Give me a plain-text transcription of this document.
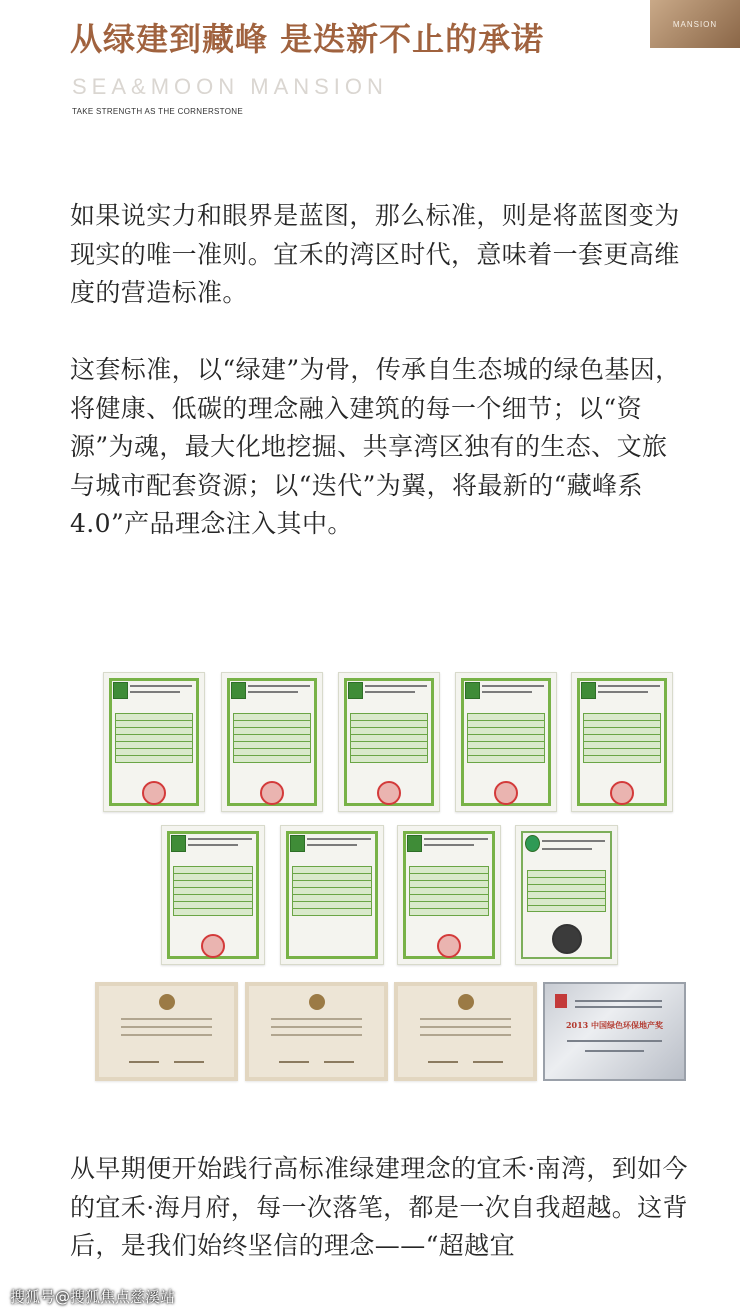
从绿建到藏峰 是迭新不止的承诺	MANSION
SEA&MOON MANSION
TAKE STRENGTH AS THE CORNERSTONE

如果说实力和眼界是蓝图，那么标准，则是将蓝图变为现实的唯一准则。宜禾的湾区时代，意味着一套更高维度的营造标准。

这套标准，以“绿建”为骨，传承自生态城的绿色基因，将健康、低碳的理念融入建筑的每一个细节；以“资源”为魂，最大化地挖掘、共享湾区独有的生态、文旅与城市配套资源；以“迭代”为翼，将最新的“藏峰系4.0”产品理念注入其中。

2013 中国绿色环保地产奖

从早期便开始践行高标准绿建理念的宜禾·南湾，到如今的宜禾·海月府，每一次落笔，都是一次自我超越。这背后，是我们始终坚信的理念——“超越宜

搜狐号@搜狐焦点慈溪站
